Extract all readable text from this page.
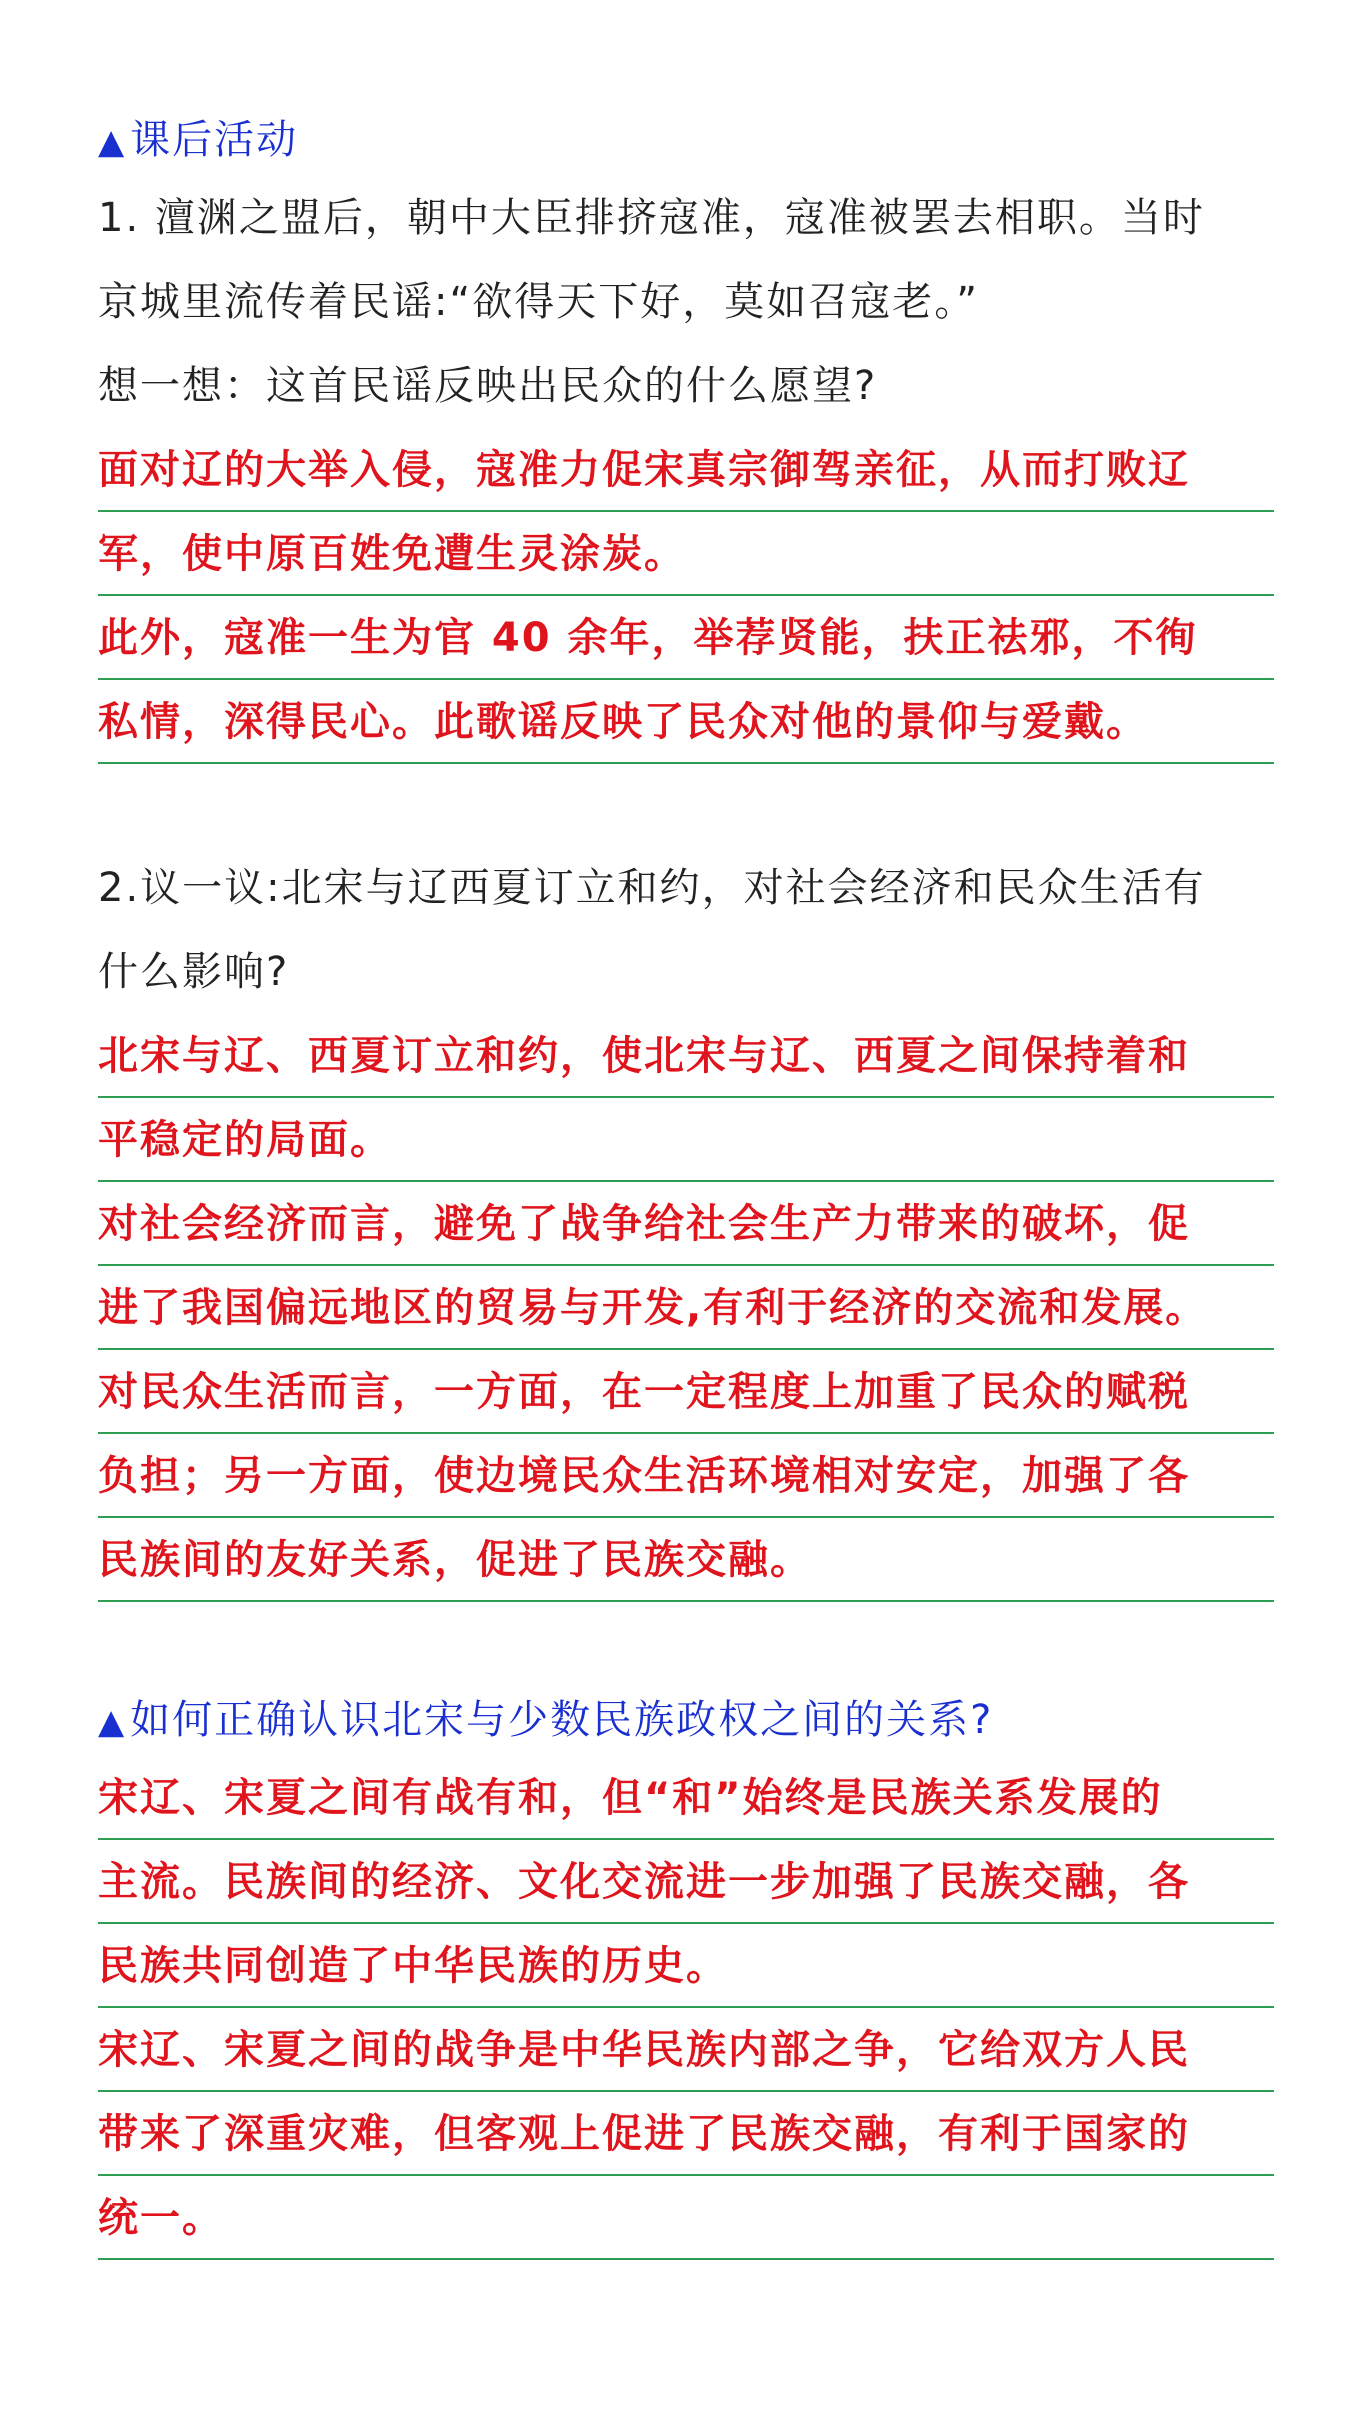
▲ 课后活动
1. 澶渊之盟后，朝中大臣排挤寇准，寇准被罢去相职。当时
京城里流传着民谣:“欲得天下好，莫如召寇老。”
想一想：这首民谣反映出民众的什么愿望?
面对辽的大举入侵，寇准力促宋真宗御驾亲征，从而打败辽
军，使中原百姓免遭生灵涂炭。
此外，寇准一生为官 40 余年，举荐贤能，扶正祛邪，不徇
私情，深得民心。此歌谣反映了民众对他的景仰与爱戴。
2.议一议:北宋与辽西夏订立和约，对社会经济和民众生活有
什么影响?
北宋与辽、西夏订立和约，使北宋与辽、西夏之间保持着和
平稳定的局面。
对社会经济而言，避免了战争给社会生产力带来的破坏，促
进了我国偏远地区的贸易与开发,有利于经济的交流和发展。
对民众生活而言，一方面，在一定程度上加重了民众的赋税
负担；另一方面，使边境民众生活环境相对安定，加强了各
民族间的友好关系，促进了民族交融。
▲ 如何正确认识北宋与少数民族政权之间的关系?
宋辽、宋夏之间有战有和，但“和”始终是民族关系发展的
主流。民族间的经济、文化交流进一步加强了民族交融，各
民族共同创造了中华民族的历史。
宋辽、宋夏之间的战争是中华民族内部之争，它给双方人民
带来了深重灾难，但客观上促进了民族交融，有利于国家的
统一。
